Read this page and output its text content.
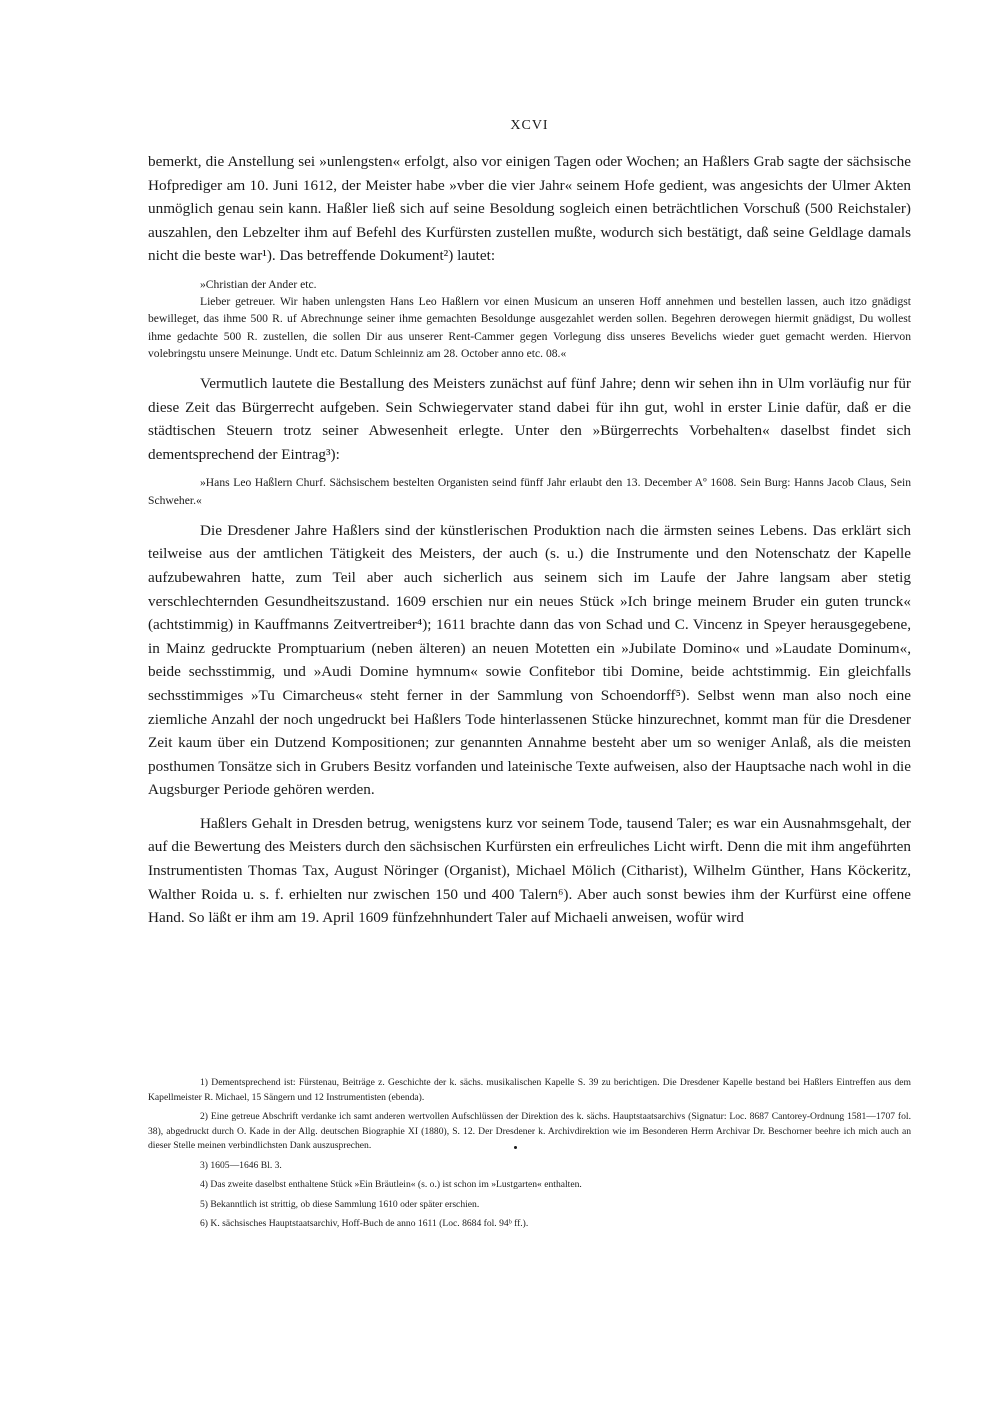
XCVI

bemerkt, die Anstellung sei »unlengsten« erfolgt, also vor einigen Tagen oder Wochen; an Haßlers Grab sagte der sächsische Hofprediger am 10. Juni 1612, der Meister habe »vber die vier Jahr« seinem Hofe gedient, was angesichts der Ulmer Akten unmöglich genau sein kann. Haßler ließ sich auf seine Besoldung sogleich einen beträchtlichen Vorschuß (500 Reichstaler) auszahlen, den Lebzelter ihm auf Befehl des Kurfürsten zustellen mußte, wodurch sich bestätigt, daß seine Geldlage damals nicht die beste war¹). Das betreffende Dokument²) lautet:

»Christian der Ander etc.

Lieber getreuer. Wir haben unlengsten Hans Leo Haßlern vor einen Musicum an unseren Hoff annehmen und bestellen lassen, auch itzo gnädigst bewilleget, das ihme 500 R. uf Abrechnunge seiner ihme gemachten Besoldunge ausgezahlet werden sollen. Begehren derowegen hiermit gnädigst, Du wollest ihme gedachte 500 R. zustellen, die sollen Dir aus unserer Rent-Cammer gegen Vorlegung diss unseres Bevelichs wieder guet gemacht werden. Hiervon volebringstu unsere Meinunge. Undt etc. Datum Schleinniz am 28. October anno etc. 08.«

Vermutlich lautete die Bestallung des Meisters zunächst auf fünf Jahre; denn wir sehen ihn in Ulm vorläufig nur für diese Zeit das Bürgerrecht aufgeben. Sein Schwiegervater stand dabei für ihn gut, wohl in erster Linie dafür, daß er die städtischen Steuern trotz seiner Abwesenheit erlegte. Unter den »Bürgerrechts Vorbehalten« daselbst findet sich dementsprechend der Eintrag³):

»Hans Leo Haßlern Churf. Sächsischem bestelten Organisten seind fünff Jahr erlaubt den 13. December Aº 1608. Sein Burg: Hanns Jacob Claus, Sein Schweher.«

Die Dresdener Jahre Haßlers sind der künstlerischen Produktion nach die ärmsten seines Lebens. Das erklärt sich teilweise aus der amtlichen Tätigkeit des Meisters, der auch (s. u.) die Instrumente und den Notenschatz der Kapelle aufzubewahren hatte, zum Teil aber auch sicherlich aus seinem sich im Laufe der Jahre langsam aber stetig verschlechternden Gesundheitszustand. 1609 erschien nur ein neues Stück »Ich bringe meinem Bruder ein guten trunck« (achtstimmig) in Kauffmanns Zeitvertreiber⁴); 1611 brachte dann das von Schad und C. Vincenz in Speyer herausgegebene, in Mainz gedruckte Promptuarium (neben älteren) an neuen Motetten ein »Jubilate Domino« und »Laudate Dominum«, beide sechsstimmig, und »Audi Domine hymnum« sowie Confitebor tibi Domine, beide achtstimmig. Ein gleichfalls sechsstimmiges »Tu Cimarcheus« steht ferner in der Sammlung von Schoendorff⁵). Selbst wenn man also noch eine ziemliche Anzahl der noch ungedruckt bei Haßlers Tode hinterlassenen Stücke hinzurechnet, kommt man für die Dresdener Zeit kaum über ein Dutzend Kompositionen; zur genannten Annahme besteht aber um so weniger Anlaß, als die meisten posthumen Tonsätze sich in Grubers Besitz vorfanden und lateinische Texte aufweisen, also der Hauptsache nach wohl in die Augsburger Periode gehören werden.

Haßlers Gehalt in Dresden betrug, wenigstens kurz vor seinem Tode, tausend Taler; es war ein Ausnahmsgehalt, der auf die Bewertung des Meisters durch den sächsischen Kurfürsten ein erfreuliches Licht wirft. Denn die mit ihm angeführten Instrumentisten Thomas Tax, August Nöringer (Organist), Michael Mölich (Citharist), Wilhelm Günther, Hans Köckeritz, Walther Roida u. s. f. erhielten nur zwischen 150 und 400 Talern⁶). Aber auch sonst bewies ihm der Kurfürst eine offene Hand. So läßt er ihm am 19. April 1609 fünfzehnhundert Taler auf Michaeli anweisen, wofür wird

1) Dementsprechend ist: Fürstenau, Beiträge z. Geschichte der k. sächs. musikalischen Kapelle S. 39 zu berichtigen. Die Dresdener Kapelle bestand bei Haßlers Eintreffen aus dem Kapellmeister R. Michael, 15 Sängern und 12 Instrumentisten (ebenda).

2) Eine getreue Abschrift verdanke ich samt anderen wertvollen Aufschlüssen der Direktion des k. sächs. Hauptstaatsarchivs (Signatur: Loc. 8687 Cantorey-Ordnung 1581—1707 fol. 38), abgedruckt durch O. Kade in der Allg. deutschen Biographie XI (1880), S. 12. Der Dresdener k. Archivdirektion wie im Besonderen Herrn Archivar Dr. Beschorner beehre ich mich auch an dieser Stelle meinen verbindlichsten Dank auszusprechen.

3) 1605—1646 Bl. 3.

4) Das zweite daselbst enthaltene Stück »Ein Bräutlein« (s. o.) ist schon im »Lustgarten« enthalten.

5) Bekanntlich ist strittig, ob diese Sammlung 1610 oder später erschien.

6) K. sächsisches Hauptstaatsarchiv, Hoff-Buch de anno 1611 (Loc. 8684 fol. 94ᵇ ff.).
